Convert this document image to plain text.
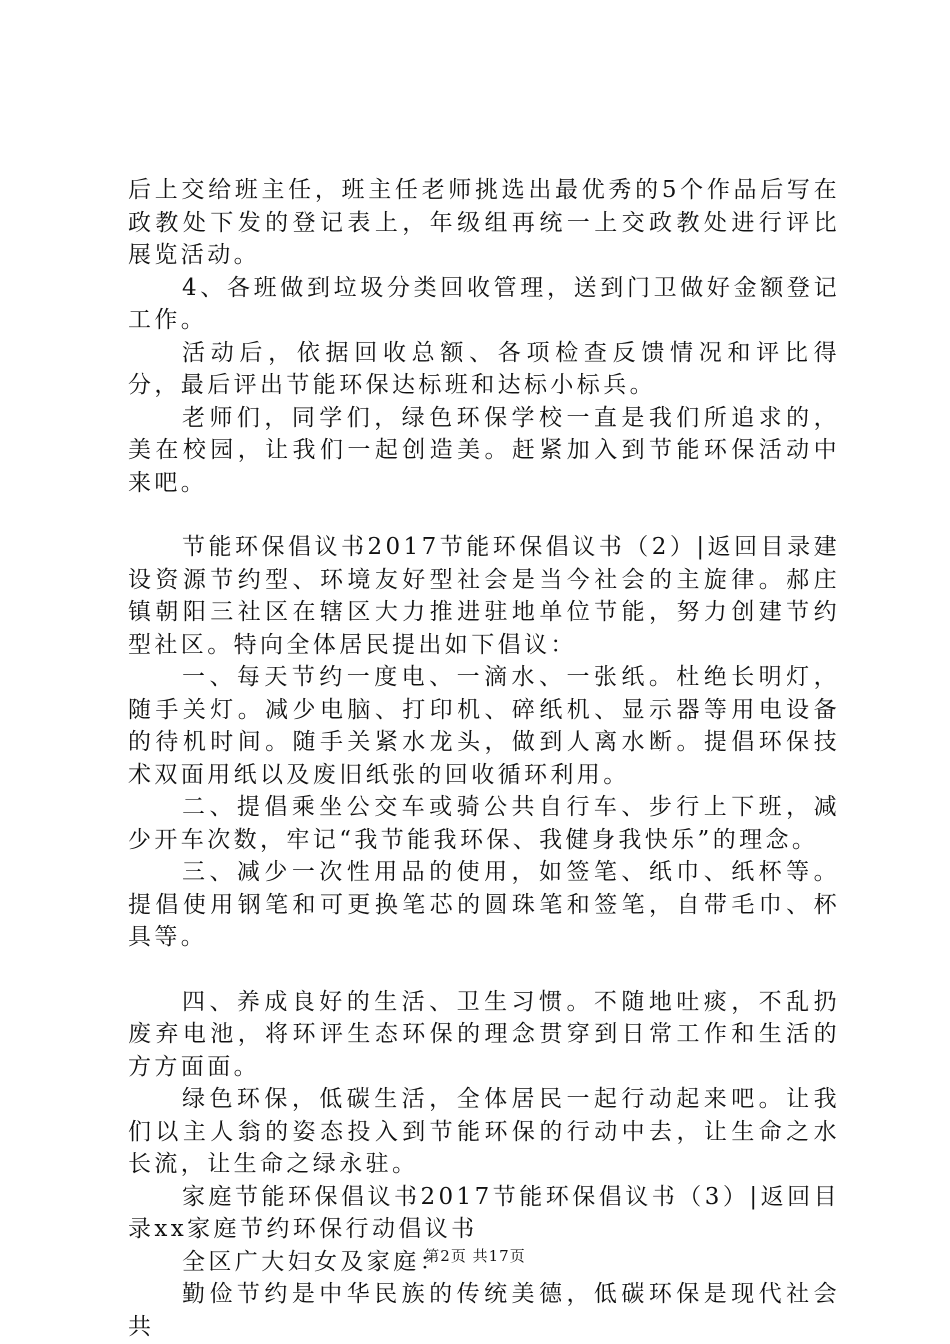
后上交给班主任，班主任老师挑选出最优秀的5个作品后写在政教处下发的登记表上，年级组再统一上交政教处进行评比展览活动。

4、各班做到垃圾分类回收管理，送到门卫做好金额登记工作。

活动后，依据回收总额、各项检查反馈情况和评比得分，最后评出节能环保达标班和达标小标兵。

老师们，同学们，绿色环保学校一直是我们所追求的，美在校园，让我们一起创造美。赶紧加入到节能环保活动中来吧。

节能环保倡议书2017节能环保倡议书（2）|返回目录建设资源节约型、环境友好型社会是当今社会的主旋律。郝庄镇朝阳三社区在辖区大力推进驻地单位节能，努力创建节约型社区。特向全体居民提出如下倡议：

一、每天节约一度电、一滴水、一张纸。杜绝长明灯，随手关灯。减少电脑、打印机、碎纸机、显示器等用电设备的待机时间。随手关紧水龙头，做到人离水断。提倡环保技术双面用纸以及废旧纸张的回收循环利用。

二、提倡乘坐公交车或骑公共自行车、步行上下班，减少开车次数，牢记“我节能我环保、我健身我快乐”的理念。

三、减少一次性用品的使用，如签笔、纸巾、纸杯等。提倡使用钢笔和可更换笔芯的圆珠笔和签笔，自带毛巾、杯具等。

四、养成良好的生活、卫生习惯。不随地吐痰，不乱扔废弃电池，将环评生态环保的理念贯穿到日常工作和生活的方方面面。

绿色环保，低碳生活，全体居民一起行动起来吧。让我们以主人翁的姿态投入到节能环保的行动中去，让生命之水长流，让生命之绿永驻。

家庭节能环保倡议书2017节能环保倡议书（3）|返回目录xx家庭节约环保行动倡议书

全区广大妇女及家庭：

勤俭节约是中华民族的传统美德，低碳环保是现代社会共

第2页 共17页
